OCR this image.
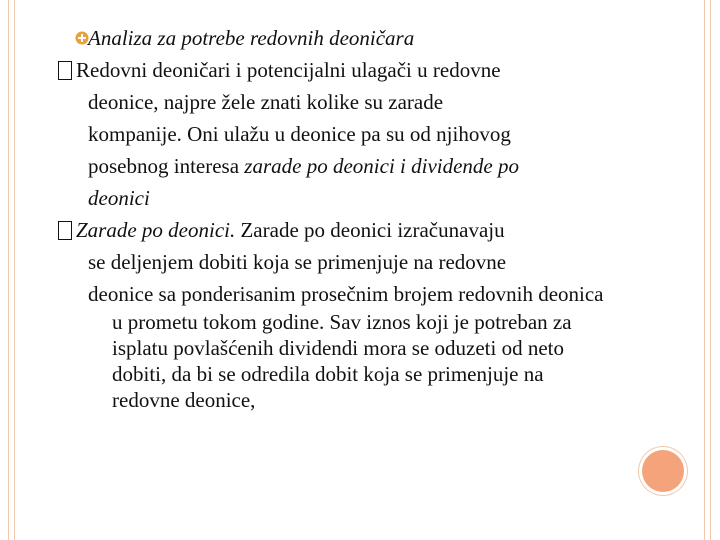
Analiza za potrebe redovnih deoničara
Redovni deoničari i potencijalni ulagači u redovne
deonice, najpre žele znati kolike su zarade
kompanije. Oni ulažu u deonice pa su od njihovog
posebnog interesa zarade po deonici i dividende po
deonici
Zarade po deonici. Zarade po deonici izračunavaju
se deljenjem dobiti koja se primenjuje na redovne
deonice sa ponderisanim prosečnim brojem redovnih deonica
u prometu tokom godine. Sav iznos koji je potreban za
isplatu povlašćenih dividendi mora se oduzeti od neto
dobiti, da bi se odredila dobit koja se primenjuje na
redovne deonice,
